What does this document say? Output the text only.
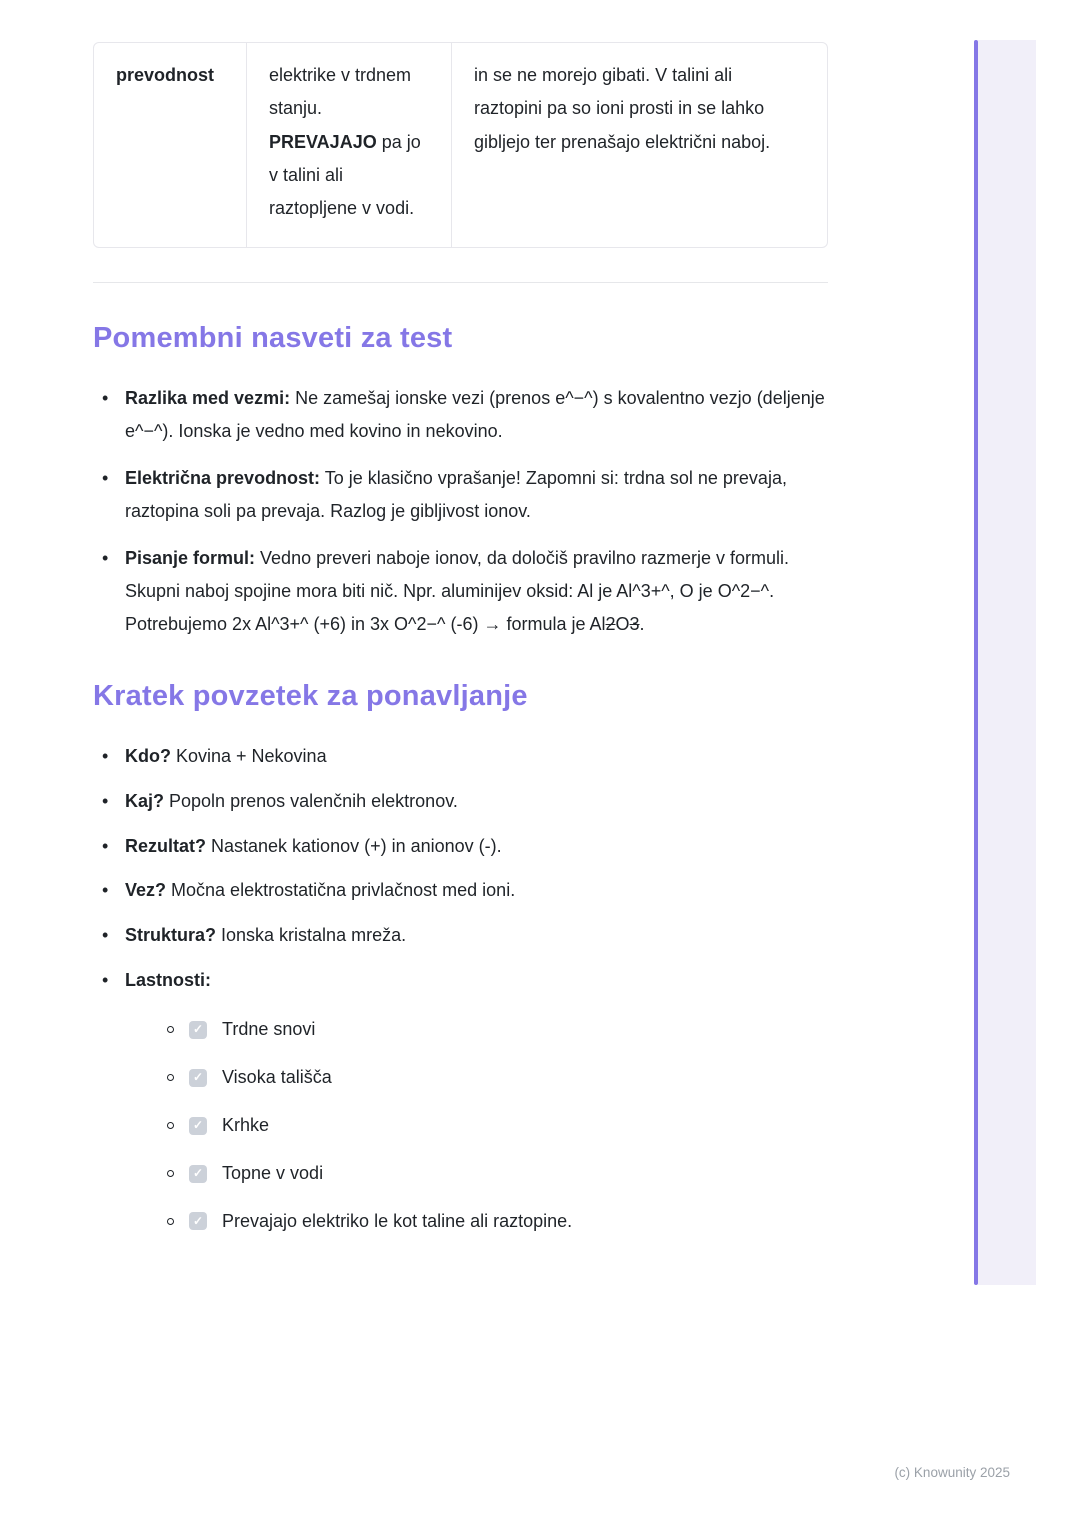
prevodnost	elektrike v trdnem stanju. PREVAJAJO pa jo v talini ali raztopljene v vodi.
in se ne morejo gibati. V talini ali raztopini pa so ioni prosti in se lahko gibljejo ter prenašajo električni naboj.
Pomembni nasveti za test
• Razlika med vezmi: Ne zamešaj ionske vezi (prenos e^−^) s kovalentno vezjo (deljenje e^−^). Ionska je vedno med kovino in nekovino.
• Električna prevodnost: To je klasično vprašanje! Zapomni si: trdna sol ne prevaja, raztopina soli pa prevaja. Razlog je gibljivost ionov.
• Pisanje formul: Vedno preveri naboje ionov, da določiš pravilno razmerje v formuli. Skupni naboj spojine mora biti nič. Npr. aluminijev oksid: Al je Al^3+^, O je O^2−^. Potrebujemo 2x Al^3+^ (+6) in 3x O^2−^ (-6) → formula je Al2O3.
Kratek povzetek za ponavljanje
• Kdo? Kovina + Nekovina
• Kaj? Popoln prenos valenčnih elektronov.
• Rezultat? Nastanek kationov (+) in anionov (-).
• Vez? Močna elektrostatična privlačnost med ioni.
• Struktura? Ionska kristalna mreža.
• Lastnosti:
✓ Trdne snovi
✓ Visoka tališča
✓ Krhke
✓ Topne v vodi
✓ Prevajajo elektriko le kot taline ali raztopine.
(c) Knowunity 2025
